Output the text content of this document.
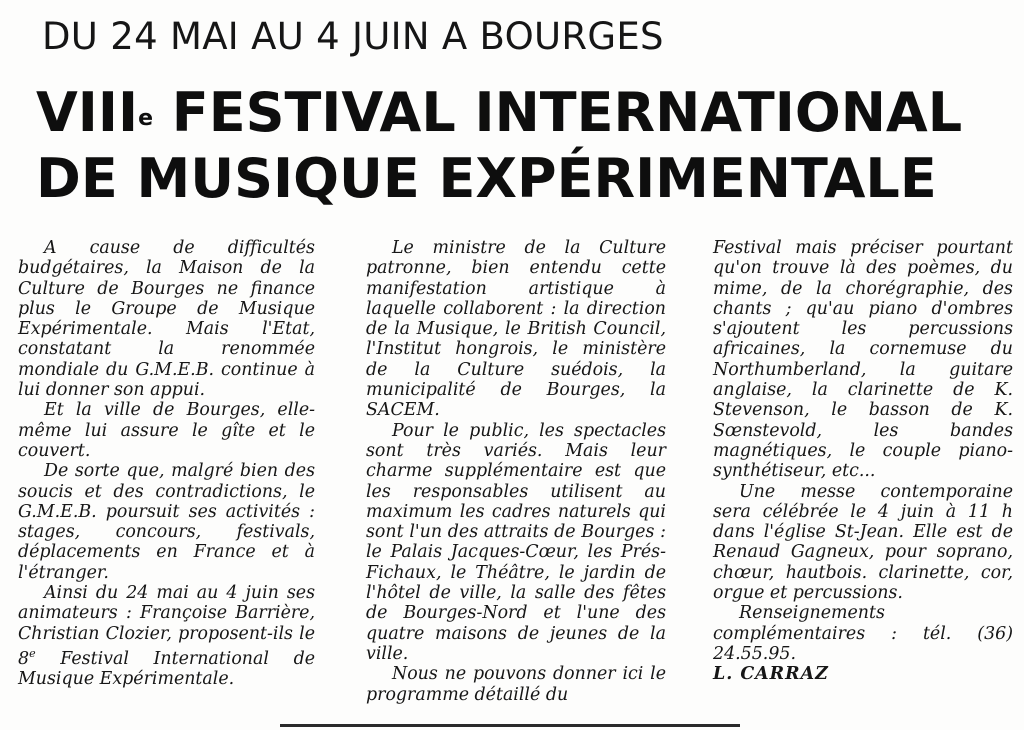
DU 24 MAI AU 4 JUIN A BOURGES
VIIIe FESTIVAL INTERNATIONAL
DE MUSIQUE EXPÉRIMENTALE

A cause de difficultés budgétaires, la Maison de la Culture de Bourges ne finance plus le Groupe de Musique Expérimentale. Mais l'Etat, constatant la renommée mondiale du G.M.E.B. continue à lui donner son appui.

Et la ville de Bourges, elle-même lui assure le gîte et le couvert.

De sorte que, malgré bien des soucis et des contradictions, le G.M.E.B. poursuit ses activités : stages, concours, festivals, déplacements en France et à l'étranger.

Ainsi du 24 mai au 4 juin ses animateurs : Françoise Barrière, Christian Clozier, proposent-ils le 8e Festival International de Musique Expérimentale.

Le ministre de la Culture patronne, bien entendu cette manifestation artistique à laquelle collaborent : la direction de la Musique, le British Council, l'Institut hongrois, le ministère de la Culture suédois, la municipalité de Bourges, la SACEM.

Pour le public, les spectacles sont très variés. Mais leur charme supplémentaire est que les responsables utilisent au maximum les cadres naturels qui sont l'un des attraits de Bourges : le Palais Jacques-Cœur, les Prés-Fichaux, le Théâtre, le jardin de l'hôtel de ville, la salle des fêtes de Bourges-Nord et l'une des quatre maisons de jeunes de la ville.

Nous ne pouvons donner ici le programme détaillé du

Festival mais préciser pourtant qu'on trouve là des poèmes, du mime, de la chorégraphie, des chants ; qu'au piano d'ombres s'ajoutent les percussions africaines, la cornemuse du Northumberland, la guitare anglaise, la clarinette de K. Stevenson, le basson de K. Sœnstevold, les bandes magnétiques, le couple piano-synthétiseur, etc...

Une messe contemporaine sera célébrée le 4 juin à 11 h dans l'église St-Jean. Elle est de Renaud Gagneux, pour soprano, chœur, hautbois. clarinette, cor, orgue et percussions.

Renseignements complémentaires : tél. (36) 24.55.95.

L. CARRAZ
